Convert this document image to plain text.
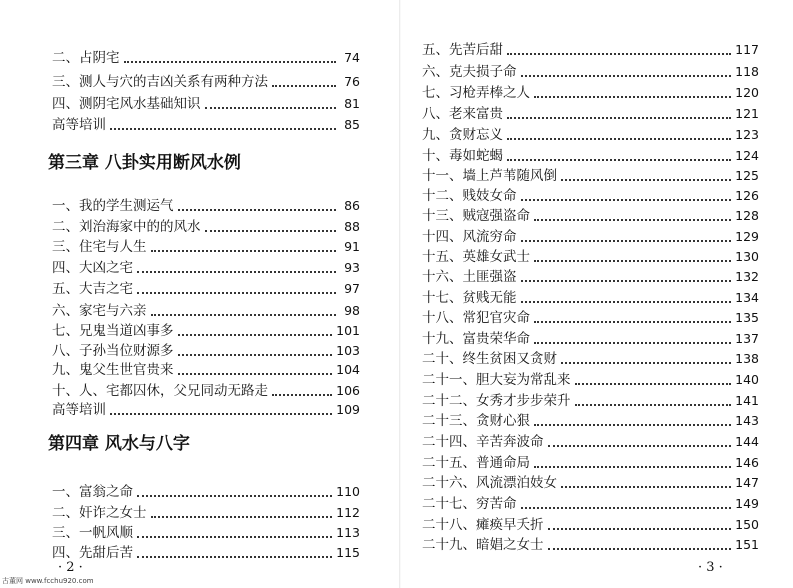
二、占阴宅	74
三、测人与穴的吉凶关系有两种方法	76
四、测阴宅风水基础知识	81
高等培训	85
第三章 八卦实用断风水例
一、我的学生测运气	86
二、刘治海家中的的风水	88
三、住宅与人生	91
四、大凶之宅	93
五、大吉之宅	97
六、家宅与六亲	98
七、兄鬼当道凶事多	101
八、子孙当位财源多	103
九、鬼父生世官贵来	104
十、人、宅都囚休，父兄同动无路走	106
高等培训	109
第四章 风水与八字
一、富翁之命	110
二、奸诈之女士	112
三、一帆风顺	113
四、先甜后苦	115
· 2 ·
古董网 www.fcchu920.com
五、先苦后甜	117
六、克夫损子命	118
七、习枪弄棒之人	120
八、老来富贵	121
九、贪财忘义	123
十、毒如蛇蝎	124
十一、墙上芦苇随风倒	125
十二、贱妓女命	126
十三、贼寇强盗命	128
十四、风流穷命	129
十五、英雄女武士	130
十六、土匪强盗	132
十七、贫贱无能	134
十八、常犯官灾命	135
十九、富贵荣华命	137
二十、终生贫困又贪财	138
二十一、胆大妄为常乱来	140
二十二、女秀才步步荣升	141
二十三、贪财心狠	143
二十四、辛苦奔波命	144
二十五、普通命局	146
二十六、风流漂泊妓女	147
二十七、穷苦命	149
二十八、瘫痪早夭折	150
二十九、暗娼之女士	151
· 3 ·
